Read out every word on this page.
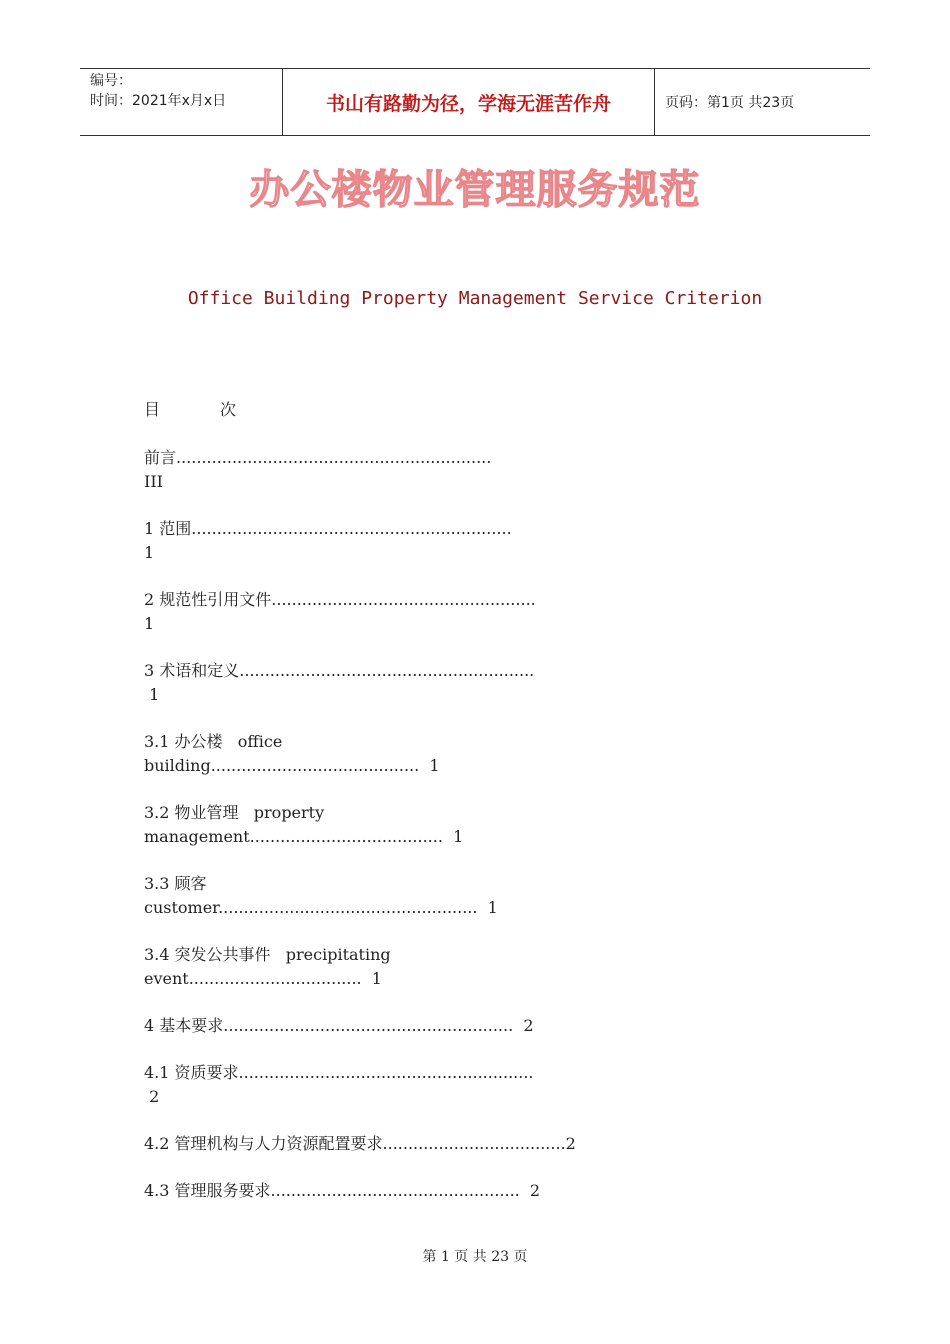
编号：
时间：2021年x月x日	书山有路勤为径，学海无涯苦作舟	页码：第1页 共23页
办公楼物业管理服务规范
Office Building Property Management Service Criterion
目	次
前言..............................................................
III
1 范围...............................................................
1
2 规范性引用文件....................................................
1
3 术语和定义..........................................................
1
3.1 办公楼   office
building.........................................  1
3.2 物业管理   property
management......................................  1
3.3 顾客
customer...................................................  1
3.4 突发公共事件   precipitating
event..................................  1
4 基本要求.........................................................  2
4.1 资质要求..........................................................
2
4.2 管理机构与人力资源配置要求....................................2
4.3 管理服务要求.................................................  2
第 1 页 共 23 页
